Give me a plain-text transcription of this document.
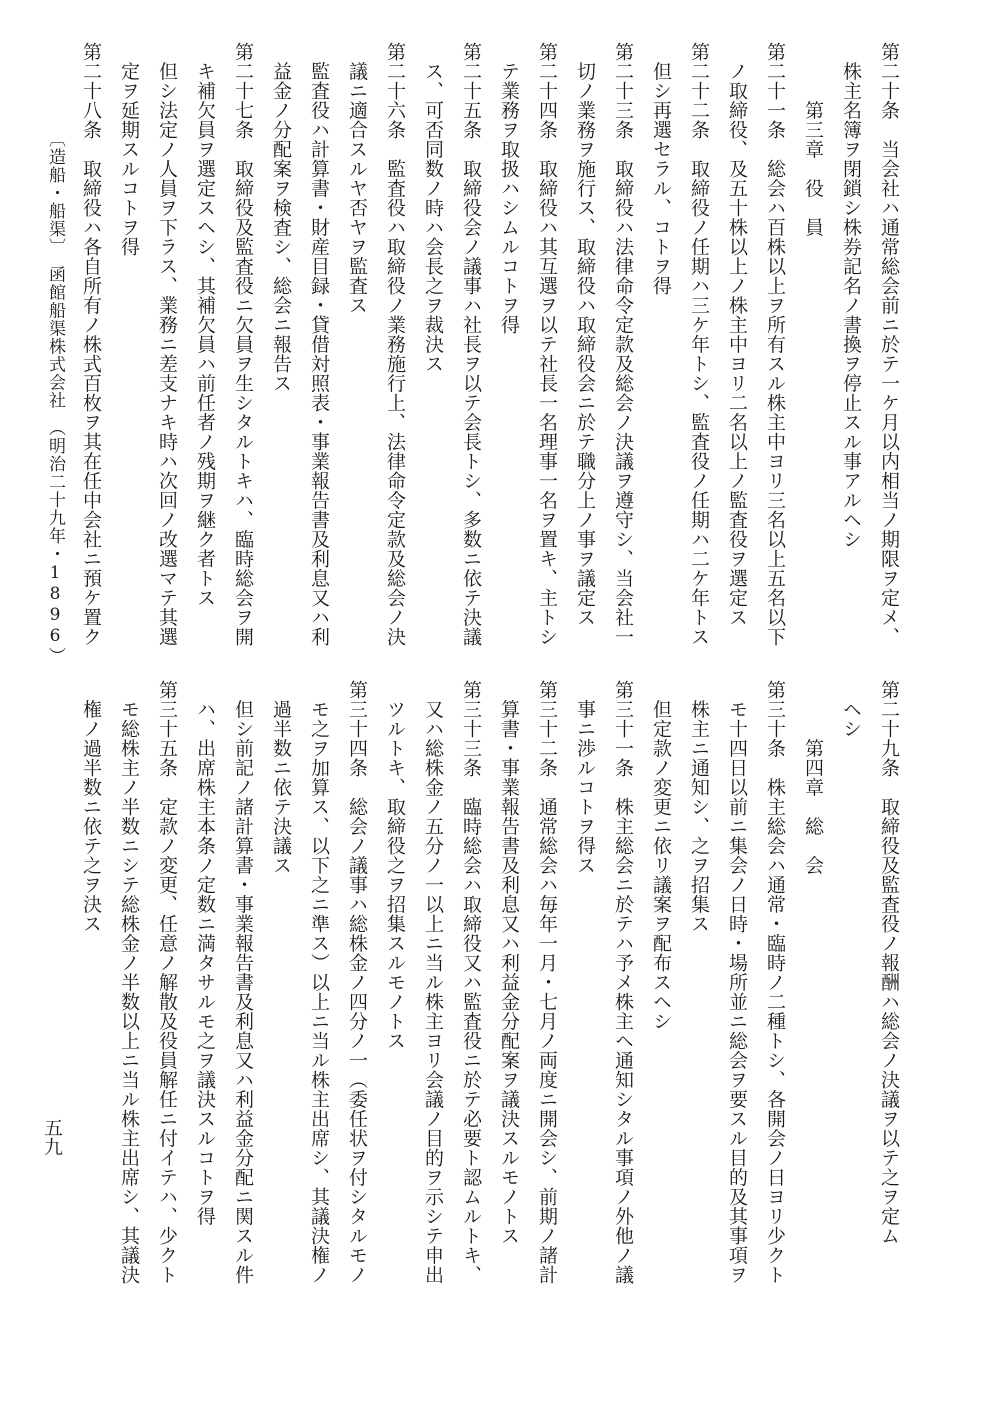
第二十条　当会社ハ通常総会前ニ於テ一ケ月以内相当ノ期限ヲ定メ、
　株主名簿ヲ閉鎖シ株券記名ノ書換ヲ停止スル事アルヘシ
　　　第三章　役　員
第二十一条　総会ハ百株以上ヲ所有スル株主中ヨリ三名以上五名以下
　ノ取締役、及五十株以上ノ株主中ヨリ二名以上ノ監査役ヲ選定ス
第二十二条　取締役ノ任期ハ三ケ年トシ、監査役ノ任期ハ二ケ年トス
　但シ再選セラル、コトヲ得
第二十三条　取締役ハ法律命令定款及総会ノ決議ヲ遵守シ、当会社一
　切ノ業務ヲ施行ス、取締役ハ取締役会ニ於テ職分上ノ事ヲ議定ス
第二十四条　取締役ハ其互選ヲ以テ社長一名理事一名ヲ置キ、主トシ
　テ業務ヲ取扱ハシムルコトヲ得
第二十五条　取締役会ノ議事ハ社長ヲ以テ会長トシ、多数ニ依テ決議
　ス、可否同数ノ時ハ会長之ヲ裁決ス
第二十六条　監査役ハ取締役ノ業務施行上、法律命令定款及総会ノ決
　議ニ適合スルヤ否ヤヲ監査ス
　監査役ハ計算書・財産目録・貸借対照表・事業報告書及利息又ハ利
　益金ノ分配案ヲ検査シ、総会ニ報告ス
第二十七条　取締役及監査役ニ欠員ヲ生シタルトキハ、臨時総会ヲ開
　キ補欠員ヲ選定スヘシ、其補欠員ハ前任者ノ残期ヲ継ク者トス
　但シ法定ノ人員ヲ下ラス、業務ニ差支ナキ時ハ次回ノ改選マテ其選
　定ヲ延期スルコトヲ得
第二十八条　取締役ハ各自所有ノ株式百枚ヲ其在任中会社ニ預ケ置ク
　ヘシ 第二十九条　取締役及監査役ノ報酬ハ総会ノ決議ヲ以テ之ヲ定ム
　　　第四章　総　会
第三十条　株主総会ハ通常・臨時ノ二種トシ、各開会ノ日ヨリ少クト
　モ十四日以前ニ集会ノ日時・場所並ニ総会ヲ要スル目的及其事項ヲ
　株主ニ通知シ、之ヲ招集ス
　但定款ノ変更ニ依リ議案ヲ配布スヘシ
第三十一条　株主総会ニ於テハ予メ株主ヘ通知シタル事項ノ外他ノ議
　事ニ渉ルコトヲ得ス
第三十二条　通常総会ハ毎年一月・七月ノ両度ニ開会シ、前期ノ諸計
　算書・事業報告書及利息又ハ利益金分配案ヲ議決スルモノトス
第三十三条　臨時総会ハ取締役又ハ監査役ニ於テ必要ト認ムルトキ、
　又ハ総株金ノ五分ノ一以上ニ当ル株主ヨリ会議ノ目的ヲ示シテ申出
　ツルトキ、取締役之ヲ招集スルモノトス
第三十四条　総会ノ議事ハ総株金ノ四分ノ一（委任状ヲ付シタルモノ
　モ之ヲ加算ス、以下之ニ準ス）以上ニ当ル株主出席シ、其議決権ノ
　過半数ニ依テ決議ス
　但シ前記ノ諸計算書・事業報告書及利息又ハ利益金分配ニ関スル件
　ハ、出席株主本条ノ定数ニ満タサルモ之ヲ議決スルコトヲ得
第三十五条　定款ノ変更、任意ノ解散及役員解任ニ付イテハ、少クト
　モ総株主ノ半数ニシテ総株金ノ半数以上ニ当ル株主出席シ、其議決
　権ノ過半数ニ依テ之ヲ決ス
〔造船・船渠〕　函館船渠株式会社　（明治二十九年・1896）
五九
